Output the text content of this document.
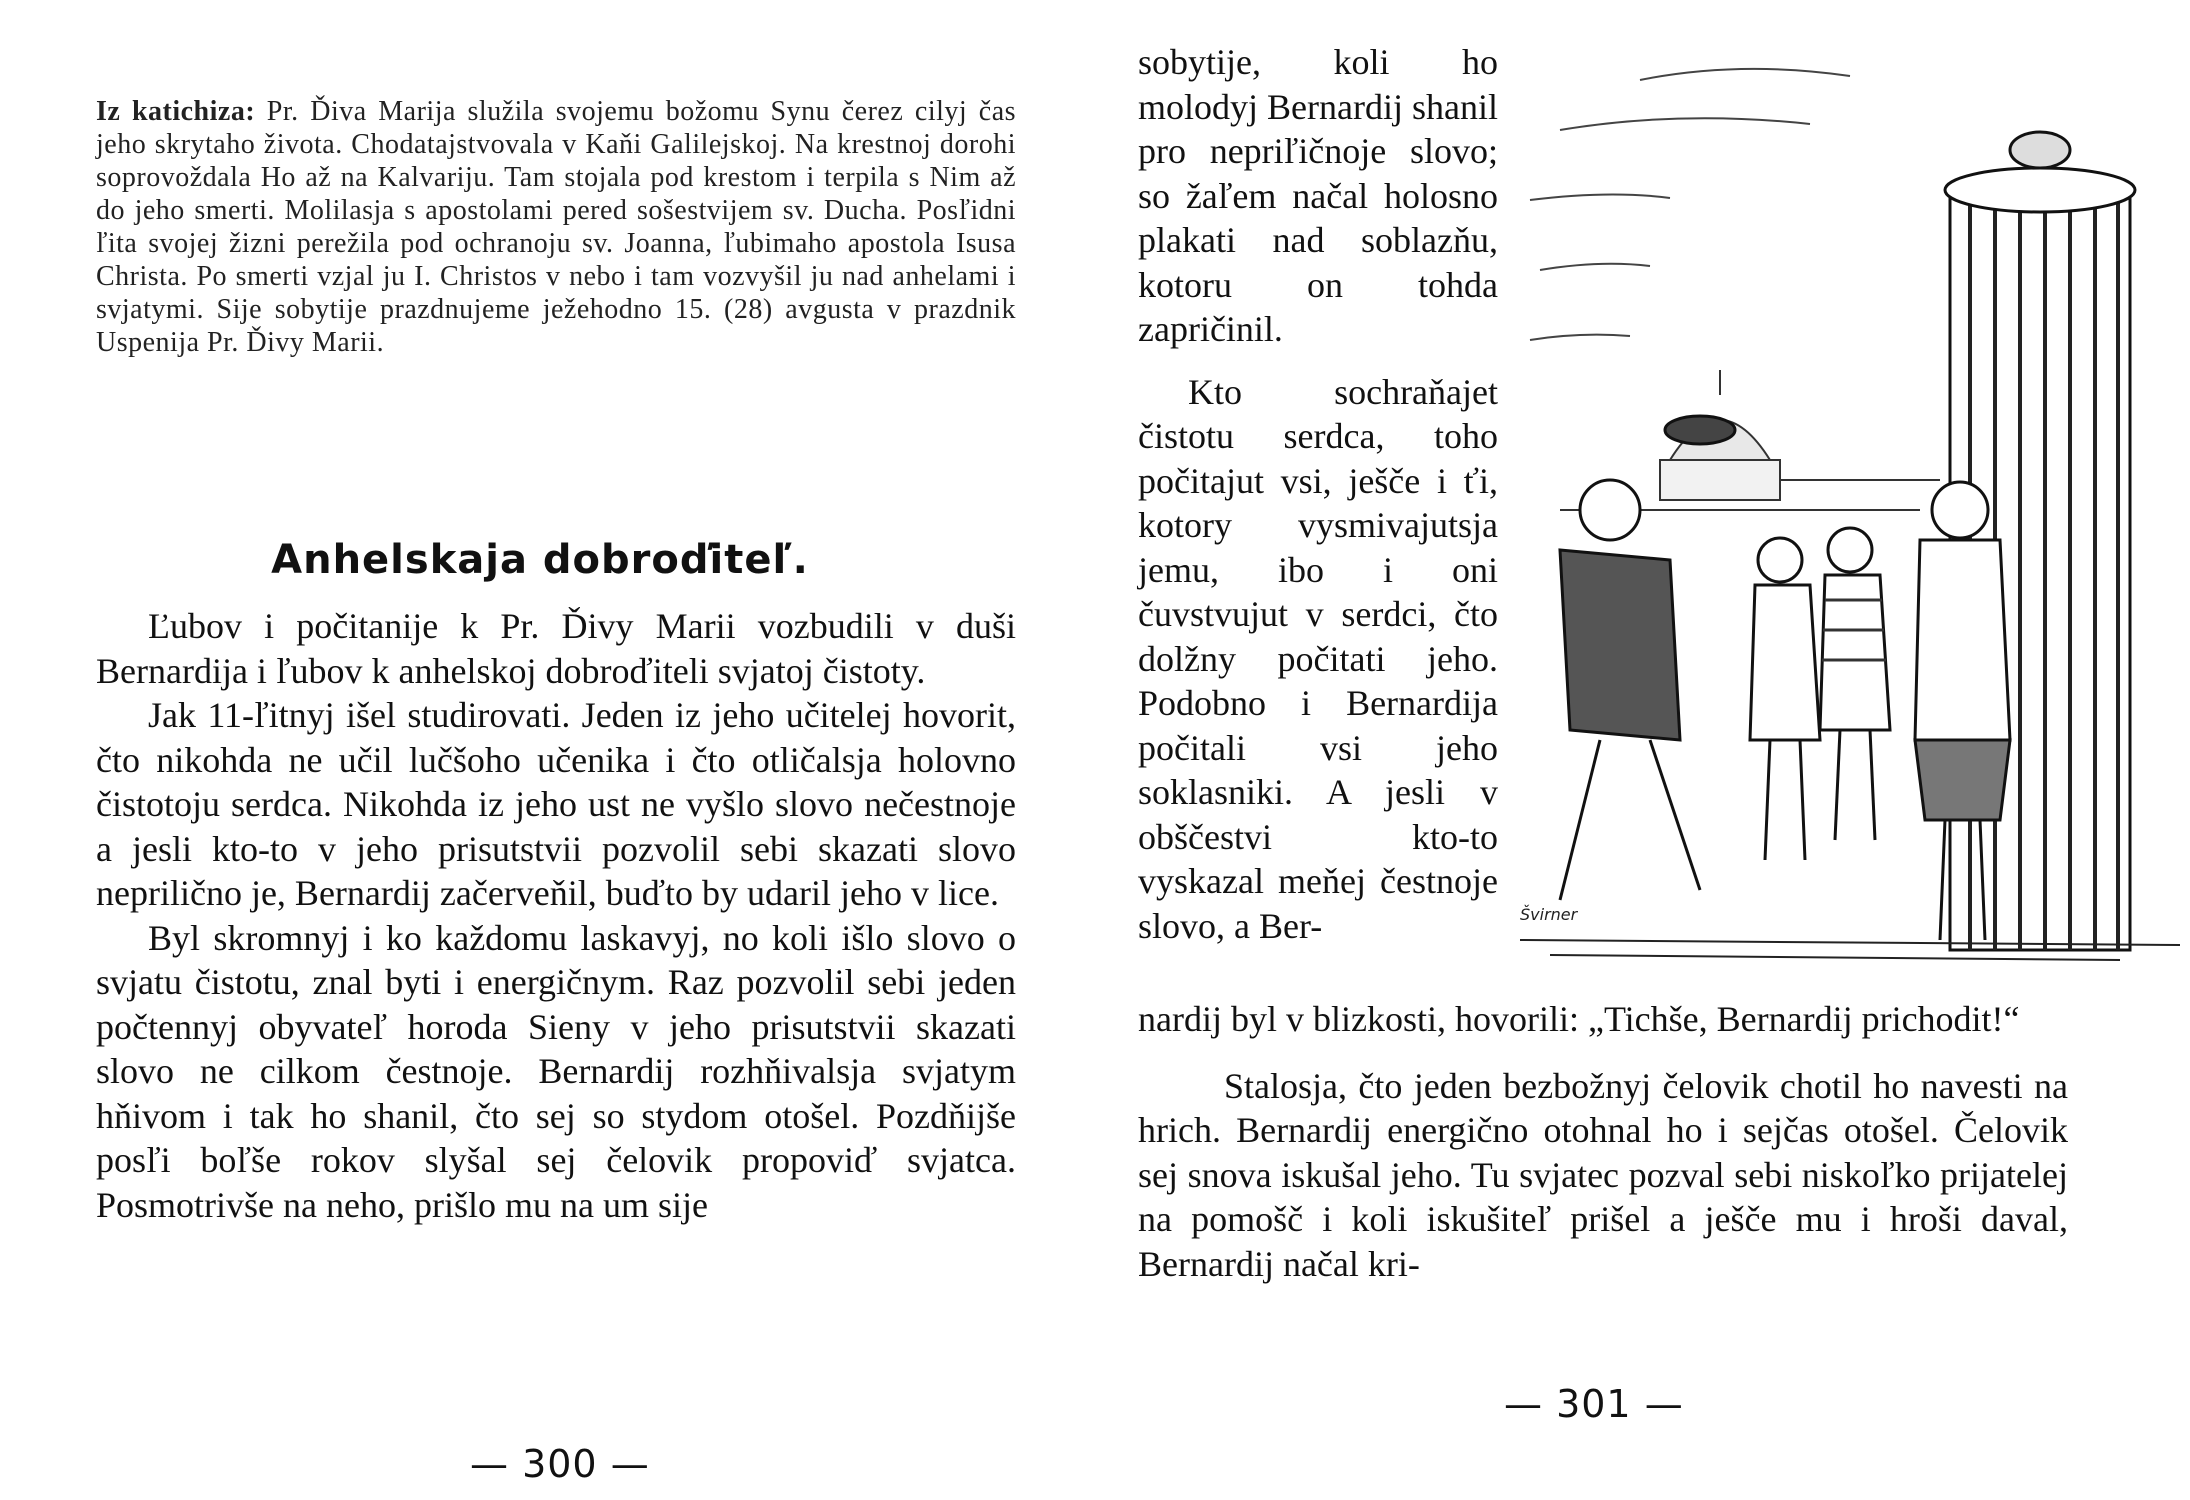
Iz katichiza: Pr. Ďiva Marija služila svojemu božomu Synu čerez cilyj čas jeho skrytaho života. Chodatajstvovala v Kaňi Galilejskoj. Na krestnoj dorohi soprovoždala Ho až na Kalvariju. Tam stojala pod krestom i terpila s Nim až do jeho smerti. Molilasja s apostolami pered sošestvijem sv. Ducha. Posľidni ľita svojej žizni perežila pod ochranoju sv. Joanna, ľubimaho apostola Isusa Christa. Po smerti vzjal ju I. Christos v nebo i tam vozvyšil ju nad anhelami i svjatymi. Sije sobytije prazdnujeme ježehodno 15. (28) avgusta v prazdnik Uspenija Pr. Ďivy Marii.
Anhelskaja dobroďiteľ.

Ľubov i počitanije k Pr. Ďivy Marii vozbudili v duši Bernardija i ľubov k anhelskoj dobroďiteli svjatoj čistoty.

Jak 11-ľitnyj išel studirovati. Jeden iz jeho učitelej hovorit, čto nikohda ne učil lučšoho učenika i čto otličalsja holovno čistotoju serdca. Nikohda iz jeho ust ne vyšlo slovo nečestnoje a jesli kto-to v jeho prisutstvii pozvolil sebi skazati slovo neprilično je, Bernardij začerveňil, buďto by udaril jeho v lice.

Byl skromnyj i ko každomu laskavyj, no koli išlo slovo o svjatu čistotu, znal byti i energičnym. Raz pozvolil sebi jeden počtennyj obyvateľ horoda Sieny v jeho prisutstvii skazati slovo ne cilkom čestnoje. Bernardij rozhňivalsja svjatym hňivom i tak ho shanil, čto sej so stydom otošel. Pozdňijše posľi boľše rokov slyšal sej čelovik propoviď svjatca. Posmotrivše na neho, prišlo mu na um sije

— 300 —

sobytije, koli ho molodyj Bernardij shanil pro nepriľičnoje slovo; so žaľem načal holosno plakati nad soblazňu, kotoru on tohda zapričinil.

Kto sochraňajet čistotu serdca, toho počitajut vsi, ješče i ťi, kotory vysmivajutsja jemu, ibo i oni čuvstvujut v serdci, čto dolžny počitati jeho. Podobno i Bernardija počitali vsi jeho soklasniki. A jesli v obščestvi kto-to vyskazal meňej čestnoje slovo, a Ber-	Švirner

nardij byl v blizkosti, hovorili: „Tichše, Bernardij prichodit!“

Stalosja, čto jeden bezbožnyj čelovik chotil ho navesti na hrich. Bernardij energično otohnal ho i sejčas otošel. Čelovik sej snova iskušal jeho. Tu svjatec pozval sebi niskoľko prijatelej na pomošč i koli iskušiteľ prišel a ješče mu i hroši daval, Bernardij načal kri-

— 301 —
